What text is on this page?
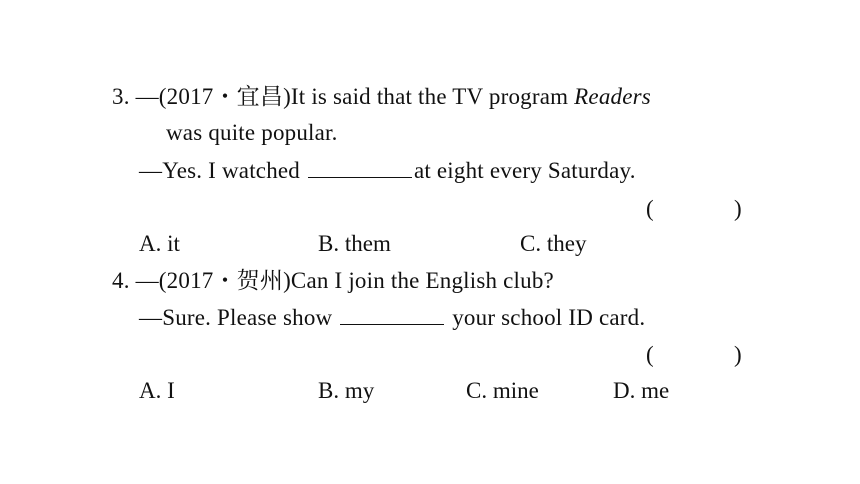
3. —(2017・宜昌)It is said that the TV program Readers
was quite popular.
—Yes. I watched	at eight every Saturday.
(	)
A. it	B. them	C. they
4. —(2017・贺州)Can I join the English club?
—Sure. Please show	your school ID card.
(	)
A. I	B. my	C. mine	D. me
